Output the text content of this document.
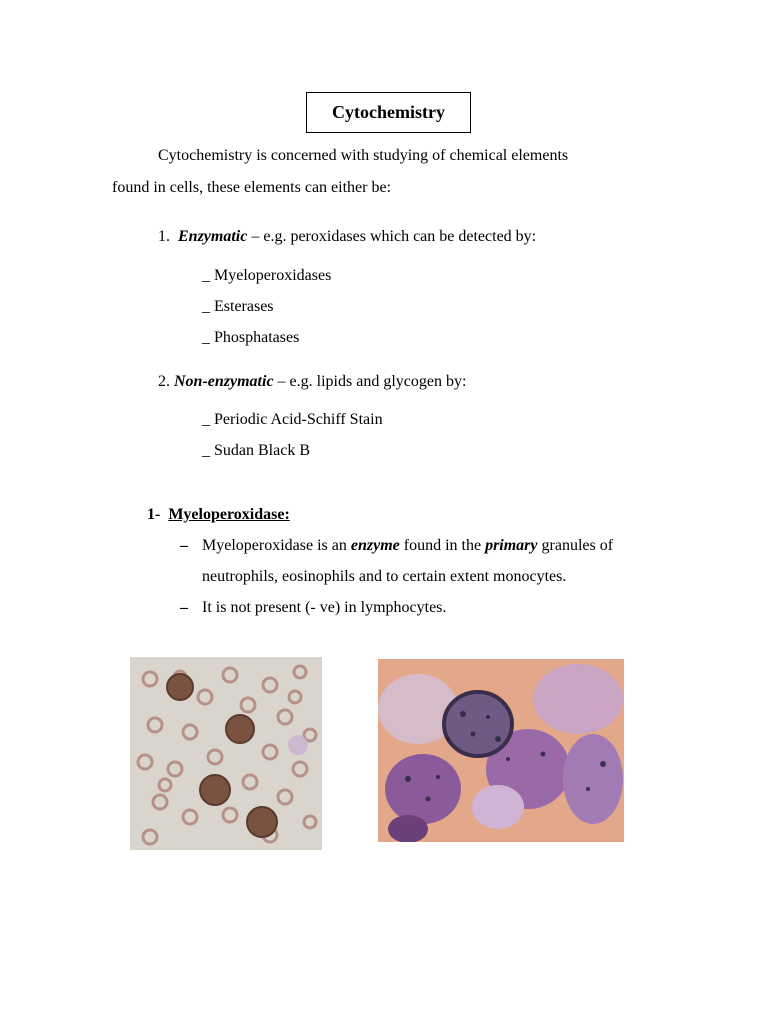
Cytochemistry
Cytochemistry is concerned with studying of chemical elements
found in cells, these elements can either be:
1. Enzymatic – e.g. peroxidases which can be detected by:
_ Myeloperoxidases
_ Esterases
_ Phosphatases
2. Non-enzymatic – e.g. lipids and glycogen by:
_ Periodic Acid-Schiff Stain
_ Sudan Black B
1- Myeloperoxidase:
– Myeloperoxidase is an enzyme found in the primary granules of
neutrophils, eosinophils and to certain extent monocytes.
– It is not present (- ve) in lymphocytes.
